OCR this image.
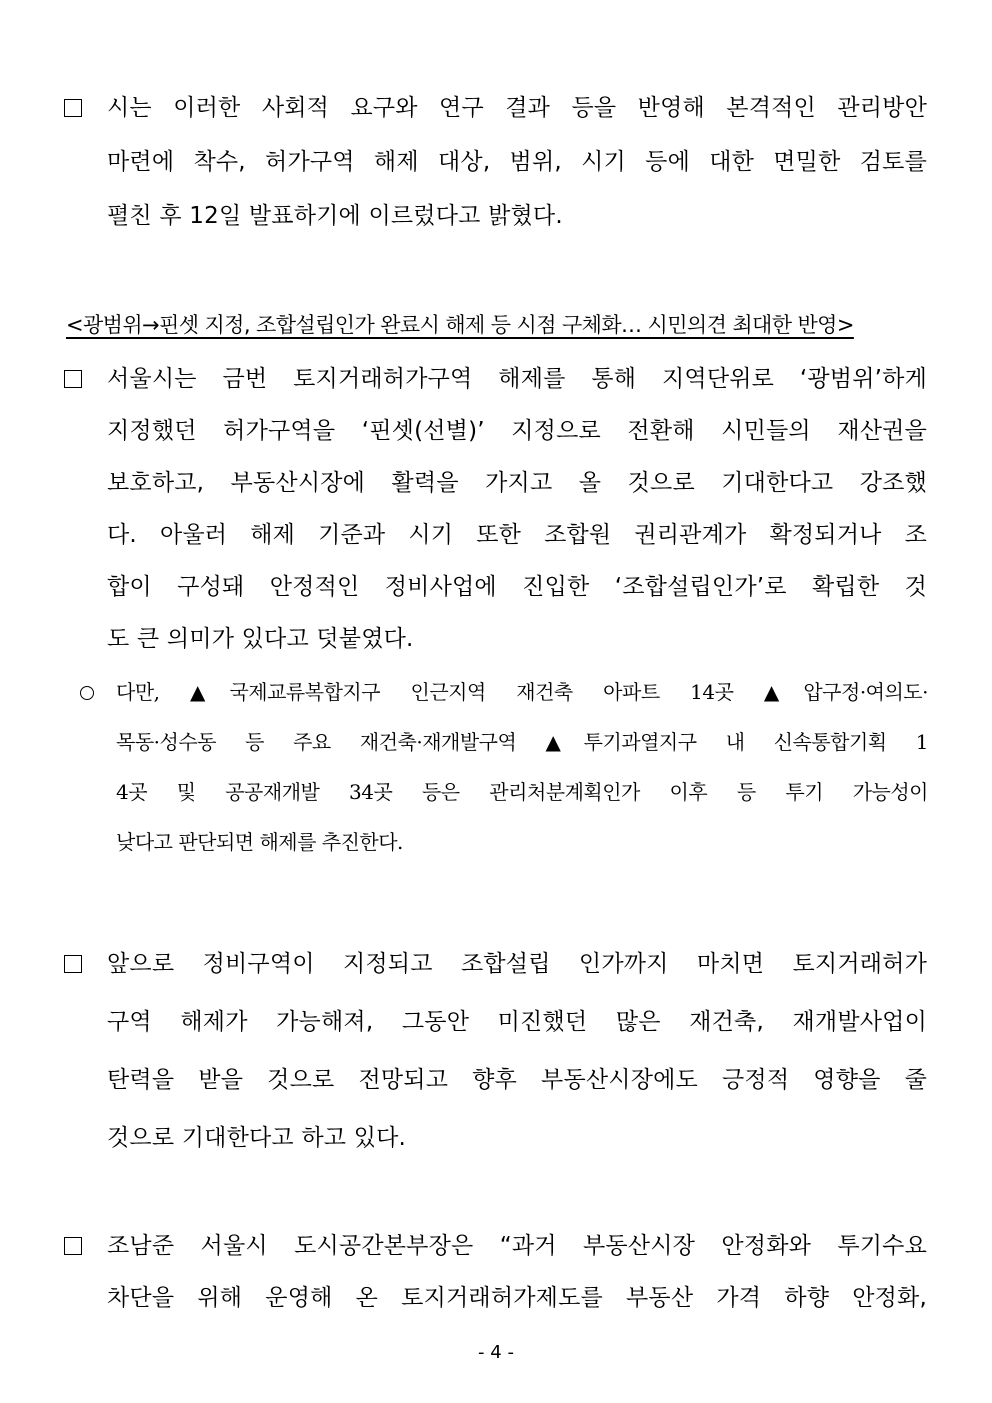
시는 이러한 사회적 요구와 연구 결과 등을 반영해 본격적인 관리방안
마련에 착수, 허가구역 해제 대상, 범위, 시기 등에 대한 면밀한 검토를
펼친 후 12일 발표하기에 이르렀다고 밝혔다.
<광범위→핀셋 지정, 조합설립인가 완료시 해제 등 시점 구체화… 시민의견 최대한 반영>
서울시는 금번 토지거래허가구역 해제를 통해 지역단위로 ‘광범위’하게
지정했던 허가구역을 ‘핀셋(선별)’ 지정으로 전환해 시민들의 재산권을
보호하고, 부동산시장에 활력을 가지고 올 것으로 기대한다고 강조했
다. 아울러 해제 기준과 시기 또한 조합원 권리관계가 확정되거나 조
합이 구성돼 안정적인 정비사업에 진입한 ‘조합설립인가’로 확립한 것
도 큰 의미가 있다고 덧붙였다.
다만, ▲국제교류복합지구 인근지역 재건축 아파트 14곳 ▲압구정·여의도·
목동·성수동 등 주요 재건축·재개발구역 ▲투기과열지구 내 신속통합기획 1
4곳 및 공공재개발 34곳 등은 관리처분계획인가 이후 등 투기 가능성이
낮다고 판단되면 해제를 추진한다.
앞으로 정비구역이 지정되고 조합설립 인가까지 마치면 토지거래허가
구역 해제가 가능해져, 그동안 미진했던 많은 재건축, 재개발사업이
탄력을 받을 것으로 전망되고 향후 부동산시장에도 긍정적 영향을 줄
것으로 기대한다고 하고 있다.
조남준 서울시 도시공간본부장은 “과거 부동산시장 안정화와 투기수요
차단을 위해 운영해 온 토지거래허가제도를 부동산 가격 하향 안정화,
- 4 -
